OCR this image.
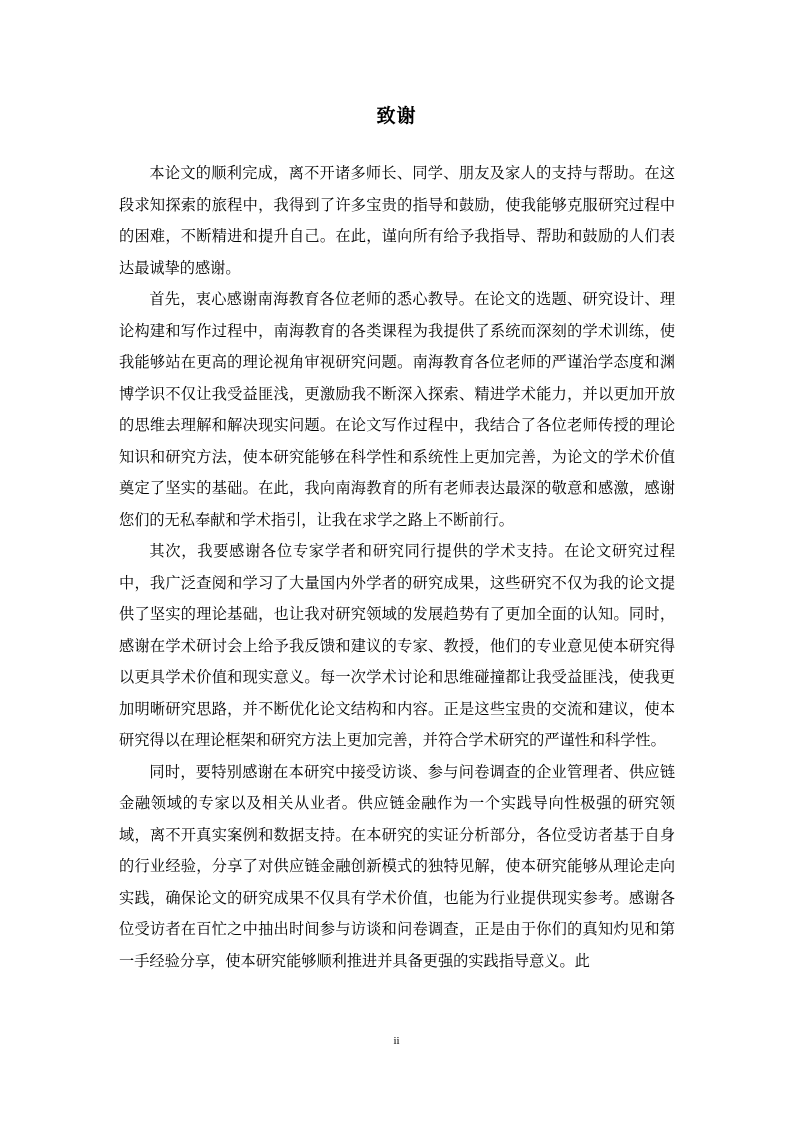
致谢

本论文的顺利完成，离不开诸多师长、同学、朋友及家人的支持与帮助。在这段求知探索的旅程中，我得到了许多宝贵的指导和鼓励，使我能够克服研究过程中的困难，不断精进和提升自己。在此，谨向所有给予我指导、帮助和鼓励的人们表达最诚挚的感谢。

首先，衷心感谢南海教育各位老师的悉心教导。在论文的选题、研究设计、理论构建和写作过程中，南海教育的各类课程为我提供了系统而深刻的学术训练，使我能够站在更高的理论视角审视研究问题。南海教育各位老师的严谨治学态度和渊博学识不仅让我受益匪浅，更激励我不断深入探索、精进学术能力，并以更加开放的思维去理解和解决现实问题。在论文写作过程中，我结合了各位老师传授的理论知识和研究方法，使本研究能够在科学性和系统性上更加完善，为论文的学术价值奠定了坚实的基础。在此，我向南海教育的所有老师表达最深的敬意和感激，感谢您们的无私奉献和学术指引，让我在求学之路上不断前行。

其次，我要感谢各位专家学者和研究同行提供的学术支持。在论文研究过程中，我广泛查阅和学习了大量国内外学者的研究成果，这些研究不仅为我的论文提供了坚实的理论基础，也让我对研究领域的发展趋势有了更加全面的认知。同时，感谢在学术研讨会上给予我反馈和建议的专家、教授，他们的专业意见使本研究得以更具学术价值和现实意义。每一次学术讨论和思维碰撞都让我受益匪浅，使我更加明晰研究思路，并不断优化论文结构和内容。正是这些宝贵的交流和建议，使本研究得以在理论框架和研究方法上更加完善，并符合学术研究的严谨性和科学性。

同时，要特别感谢在本研究中接受访谈、参与问卷调查的企业管理者、供应链金融领域的专家以及相关从业者。供应链金融作为一个实践导向性极强的研究领域，离不开真实案例和数据支持。在本研究的实证分析部分，各位受访者基于自身的行业经验，分享了对供应链金融创新模式的独特见解，使本研究能够从理论走向实践，确保论文的研究成果不仅具有学术价值，也能为行业提供现实参考。感谢各位受访者在百忙之中抽出时间参与访谈和问卷调查，正是由于你们的真知灼见和第一手经验分享，使本研究能够顺利推进并具备更强的实践指导意义。此

ii
